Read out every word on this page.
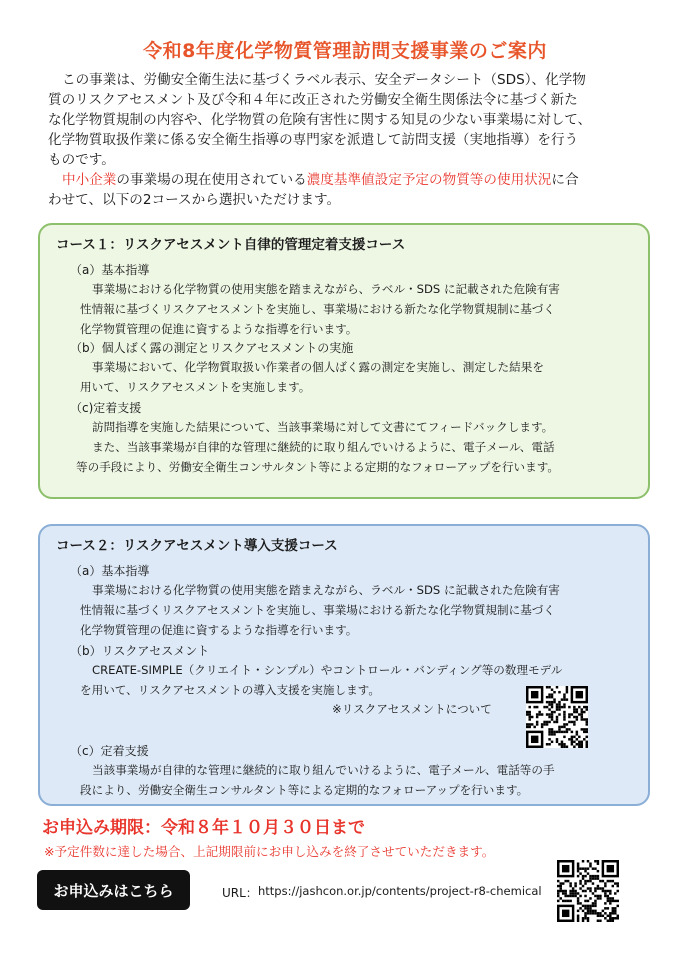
令和8年度化学物質管理訪問支援事業のご案内

この事業は、労働安全衛生法に基づくラベル表示、安全データシート（SDS）、化学物

質のリスクアセスメント及び令和４年に改正された労働安全衛生関係法令に基づく新た

な化学物質規制の内容や、化学物質の危険有害性に関する知見の少ない事業場に対して、

化学物質取扱作業に係る安全衛生指導の専門家を派遣して訪問支援（実地指導）を行う

ものです。

中小企業の事業場の現在使用されている濃度基準値設定予定の物質等の使用状況に合

わせて、以下の2コースから選択いただけます。

コース１：リスクアセスメント自律的管理定着支援コース
（a）基本指導
事業場における化学物質の使用実態を踏まえながら、ラベル・SDS に記載された危険有害
性情報に基づくリスクアセスメントを実施し、事業場における新たな化学物質規制に基づく
化学物質管理の促進に資するような指導を行います。
（b）個人ばく露の測定とリスクアセスメントの実施
事業場において、化学物質取扱い作業者の個人ばく露の測定を実施し、測定した結果を
用いて、リスクアセスメントを実施します。
（c)定着支援
訪問指導を実施した結果について、当該事業場に対して文書にてフィードバックします。
また、当該事業場が自律的な管理に継続的に取り組んでいけるように、電子メール、電話
等の手段により、労働安全衛生コンサルタント等による定期的なフォローアップを行います。
コース２：リスクアセスメント導入支援コース
（a）基本指導
事業場における化学物質の使用実態を踏まえながら、ラベル・SDS に記載された危険有害
性情報に基づくリスクアセスメントを実施し、事業場における新たな化学物質規制に基づく
化学物質管理の促進に資するような指導を行います。
（b）リスクアセスメント
CREATE-SIMPLE（クリエイト・シンプル）やコントロール・バンディング等の数理モデル
を用いて、リスクアセスメントの導入支援を実施します。
※リスクアセスメントについて
（c）定着支援
当該事業場が自律的な管理に継続的に取り組んでいけるように、電子メール、電話等の手
段により、労働安全衛生コンサルタント等による定期的なフォローアップを行います。
お申込み期限：令和８年１０月３０日まで
※予定件数に達した場合、上記期限前にお申し込みを終了させていただきます。
お申込みはこちら	URL： https://jashcon.or.jp/contents/project-r8-chemical
